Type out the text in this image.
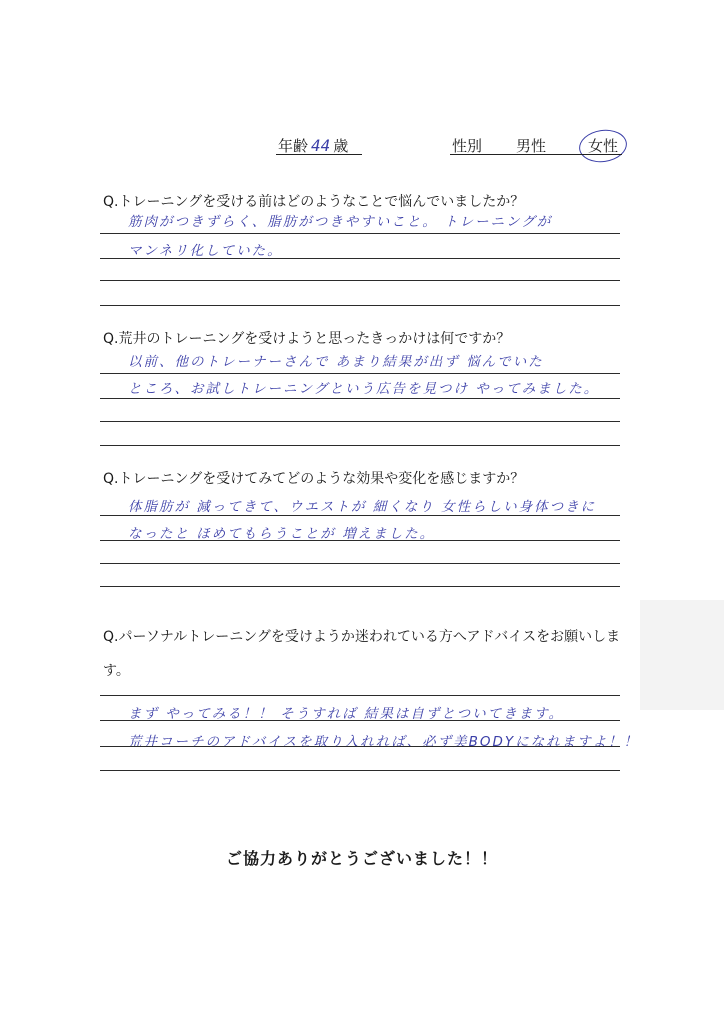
年齢 44 歳	性別 男性	女性
Q.トレーニングを受ける前はどのようなことで悩んでいましたか？
筋肉がつきずらく、脂肪がつきやすいこと。 トレーニングが
マンネリ化していた。
Q.荒井のトレーニングを受けようと思ったきっかけは何ですか？
以前、他のトレーナーさんで あまり結果が出ず 悩んでいた
ところ、お試しトレーニングという広告を見つけ やってみました。
Q.トレーニングを受けてみてどのような効果や変化を感じますか？
体脂肪が 減ってきて、ウエストが 細くなり 女性らしい身体つきに
なったと ほめてもらうことが 増えました。
Q.パーソナルトレーニングを受けようか迷われている方へアドバイスをお願いします。
まず やってみる！！ そうすれば 結果は自ずとついてきます。
荒井コーチのアドバイスを取り入れれば、必ず美BODYになれますよ！！
ご協力ありがとうございました！！
